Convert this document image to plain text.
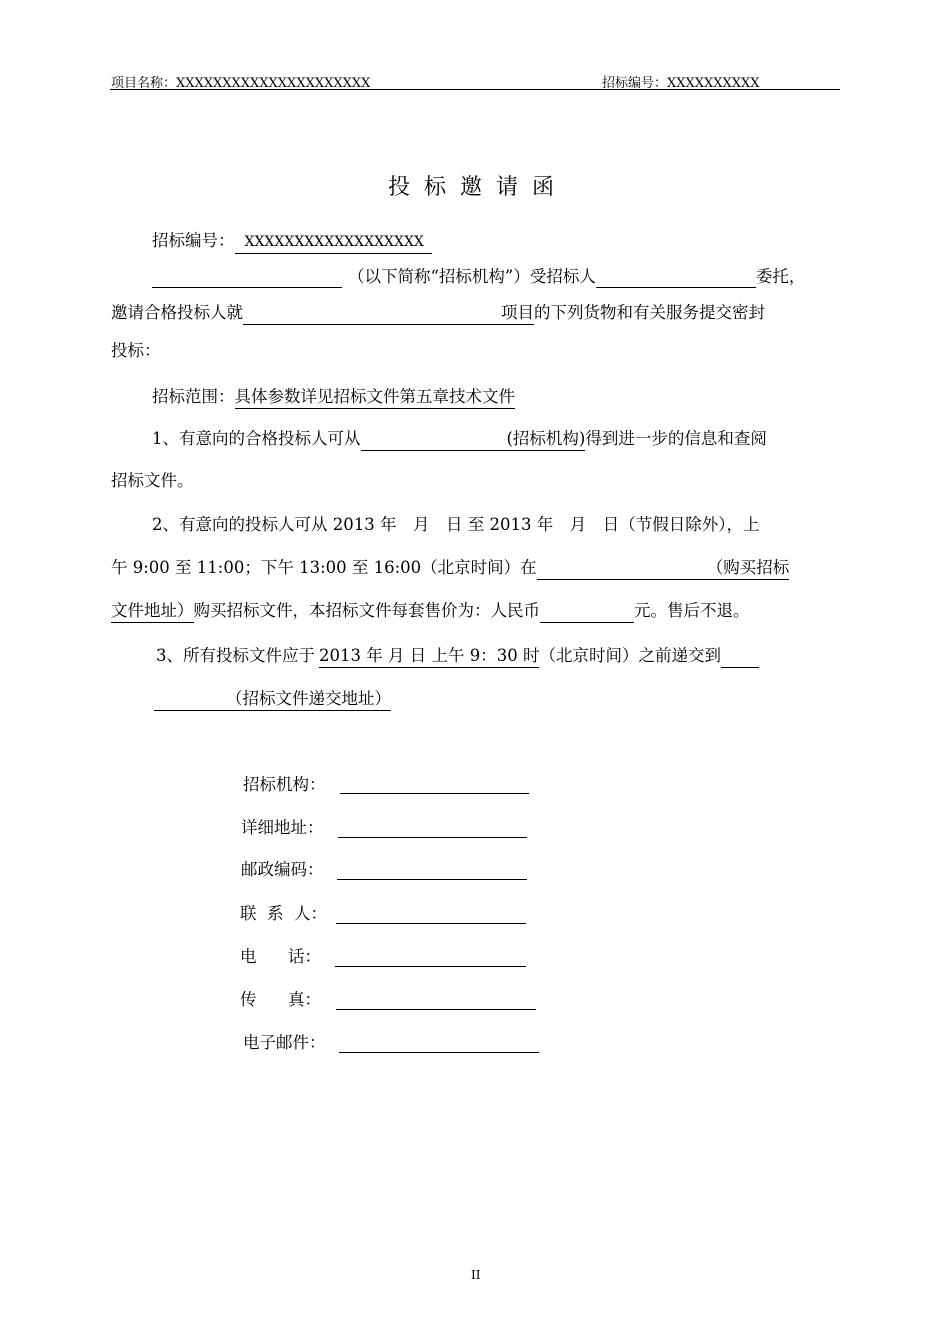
项目名称：XXXXXXXXXXXXXXXXXXXXX	招标编号：XXXXXXXXXX
投标邀请函
招标编号： XXXXXXXXXXXXXXXXXX
（以下简称“招标机构”）受招标人	委托，
邀请合格投标人就	项目的下列货物和有关服务提交密封
投标：
招标范围：具体参数详见招标文件第五章技术文件
1、有意向的合格投标人可从	(招标机构)得到进一步的信息和查阅
招标文件。
2、有意向的投标人可从 2013 年　月　日 至 2013 年　月　日（节假日除外），上
午 9:00 至 11:00；下午 13:00 至 16:00（北京时间）在	（购买招标
文件地址）购买招标文件，本招标文件每套售价为：人民币	元。售后不退。
3、所有投标文件应于 2013 年 月 日 上午 9：30 时（北京时间）之前递交到
（招标文件递交地址）
招标机构：
详细地址：
邮政编码：
联  系  人：
电      话：
传      真：
电子邮件：
II
